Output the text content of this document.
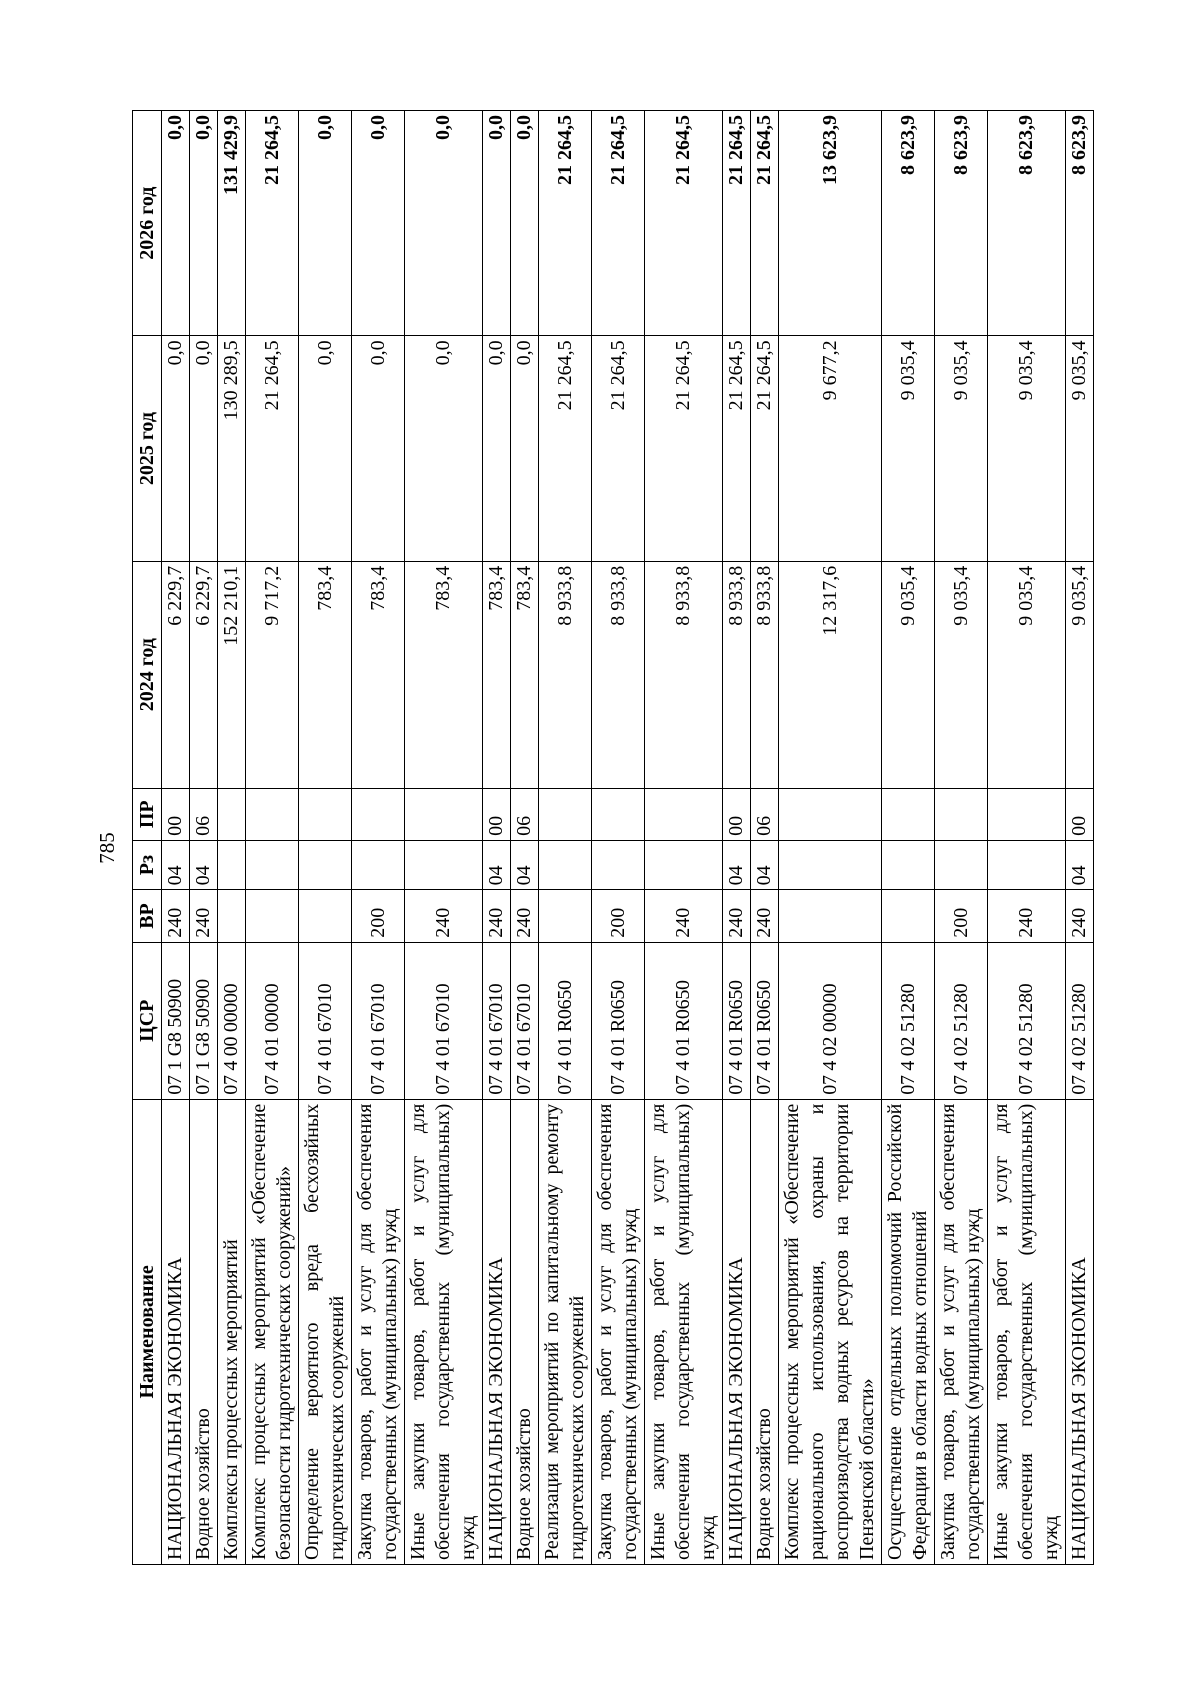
785
Наименование	ЦСР	ВР	Рз	ПР	2024 год	2025 год	2026 год
НАЦИОНАЛЬНАЯ ЭКОНОМИКА	07 1 G8 50900	240	04	00	6 229,7	0,0	0,0
Водное хозяйство	07 1 G8 50900	240	04	06	6 229,7	0,0	0,0
Комплексы процессных мероприятий	07 4 00 00000				152 210,1	130 289,5	131 429,9
Комплекс процессных мероприятий «Обеспечение безопасности гидротехнических сооружений»	07 4 01 00000				9 717,2	21 264,5	21 264,5
Определение вероятного вреда бесхозяйных гидротехнических сооружений	07 4 01 67010				783,4	0,0	0,0
Закупка товаров, работ и услуг для обеспечения государственных (муниципальных) нужд	07 4 01 67010	200			783,4	0,0	0,0
Иные закупки товаров, работ и услуг для обеспечения государственных (муниципальных) нужд	07 4 01 67010	240			783,4	0,0	0,0
НАЦИОНАЛЬНАЯ ЭКОНОМИКА	07 4 01 67010	240	04	00	783,4	0,0	0,0
Водное хозяйство	07 4 01 67010	240	04	06	783,4	0,0	0,0
Реализация мероприятий по капитальному ремонту гидротехнических сооружений	07 4 01 R0650				8 933,8	21 264,5	21 264,5
Закупка товаров, работ и услуг для обеспечения государственных (муниципальных) нужд	07 4 01 R0650	200			8 933,8	21 264,5	21 264,5
Иные закупки товаров, работ и услуг для обеспечения государственных (муниципальных) нужд	07 4 01 R0650	240			8 933,8	21 264,5	21 264,5
НАЦИОНАЛЬНАЯ ЭКОНОМИКА	07 4 01 R0650	240	04	00	8 933,8	21 264,5	21 264,5
Водное хозяйство	07 4 01 R0650	240	04	06	8 933,8	21 264,5	21 264,5
Комплекс процессных мероприятий «Обеспечение рационального использования, охраны и воспроизводства водных ресурсов на территории Пензенской области»	07 4 02 00000				12 317,6	9 677,2	13 623,9
Осуществление отдельных полномочий Российской Федерации в области водных отношений	07 4 02 51280				9 035,4	9 035,4	8 623,9
Закупка товаров, работ и услуг для обеспечения государственных (муниципальных) нужд	07 4 02 51280	200			9 035,4	9 035,4	8 623,9
Иные закупки товаров, работ и услуг для обеспечения государственных (муниципальных) нужд	07 4 02 51280	240			9 035,4	9 035,4	8 623,9
НАЦИОНАЛЬНАЯ ЭКОНОМИКА	07 4 02 51280	240	04	00	9 035,4	9 035,4	8 623,9
